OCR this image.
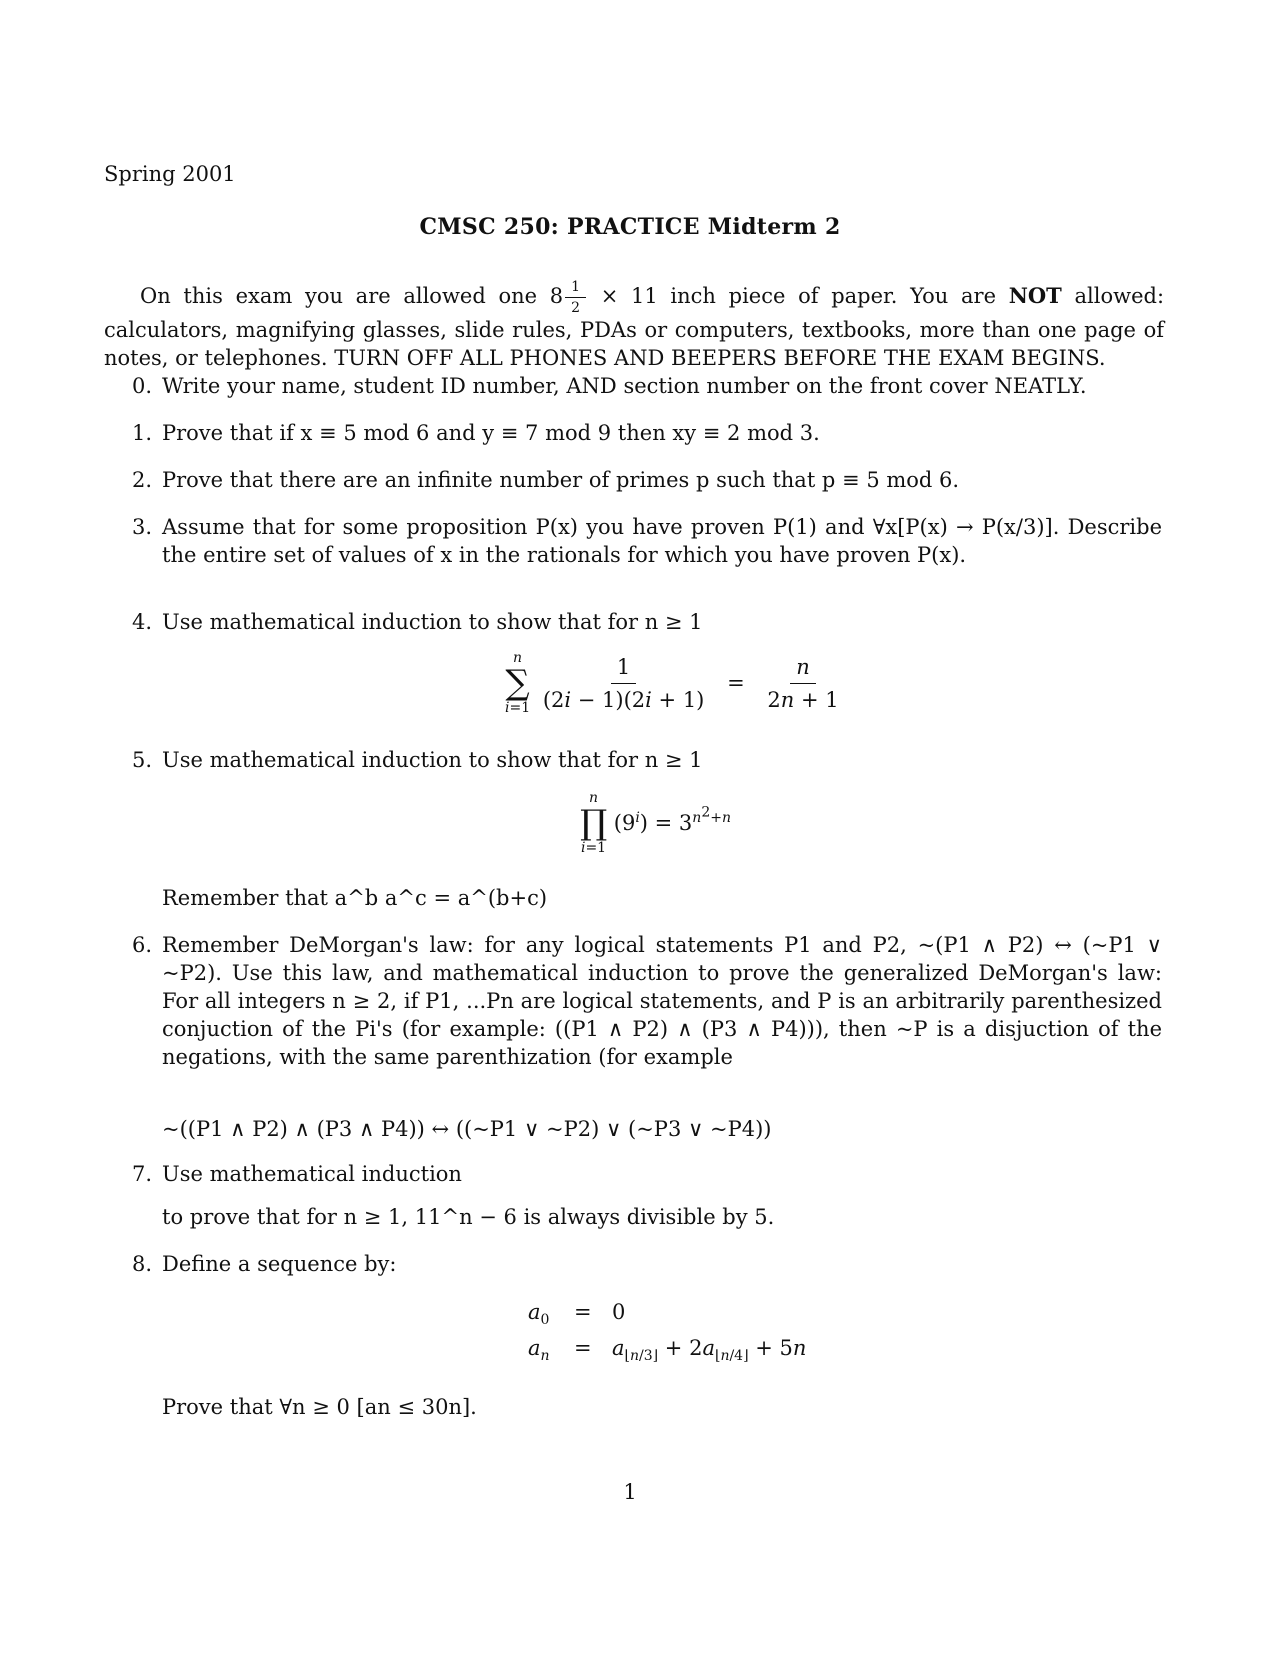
Spring 2001
CMSC 250: PRACTICE Midterm 2
On this exam you are allowed one $8 \frac{1}{2} \times 11$ inch piece of paper. You are NOT allowed: calculators, magnifying glasses, slide rules, PDAs or computers, textbooks, more than one page of notes, or telephones. TURN OFF ALL PHONES AND BEEPERS BEFORE THE EXAM BEGINS.
0. Write your name, student ID number, AND section number on the front cover NEATLY.
1. Prove that if x ≡ 5 mod 6 and y ≡ 7 mod 9 then xy ≡ 2 mod 3.
2. Prove that there are an infinite number of primes p such that p ≡ 5 mod 6.
3. Assume that for some proposition P(x) you have proven P(1) and ∀x[P(x) → P(x/3)]. Describe the entire set of values of x in the rationals for which you have proven P(x).
4. Use mathematical induction to show that for n ≥ 1
n
∑
i=1
$\frac{1}{(2i - 1)(2i + 1)} = \frac{n}{2n + 1}$
5. Use mathematical induction to show that for n ≥ 1
n
∏
i=1
$(9^i) = 3^{n^2+n}$
Remember that a^b a^c = a^(b+c)
6. Remember DeMorgan's law: for any logical statements P1 and P2, ~(P1 ∧ P2) ↔ (~P1 ∨ ~P2). Use this law, and mathematical induction to prove the generalized DeMorgan's law: For all integers n ≥ 2, if P1, ...Pn are logical statements, and P is an arbitrarily parenthesized conjuction of the Pi's (for example: ((P1 ∧ P2) ∧ (P3 ∧ P4))), then ~P is a disjuction of the negations, with the same parenthization (for example
~((P1 ∧ P2) ∧ (P3 ∧ P4)) ↔ ((~P1 ∨ ~P2) ∨ (~P3 ∨ ~P4))
7. Use mathematical induction
to prove that for n ≥ 1, 11^n − 6 is always divisible by 5.
8. Define a sequence by:
$a_0 = 0$
$a_n = a_{⌊n/3⌋} + 2a_{⌊n/4⌋} + 5n$
Prove that ∀n ≥ 0 [an ≤ 30n].
1
